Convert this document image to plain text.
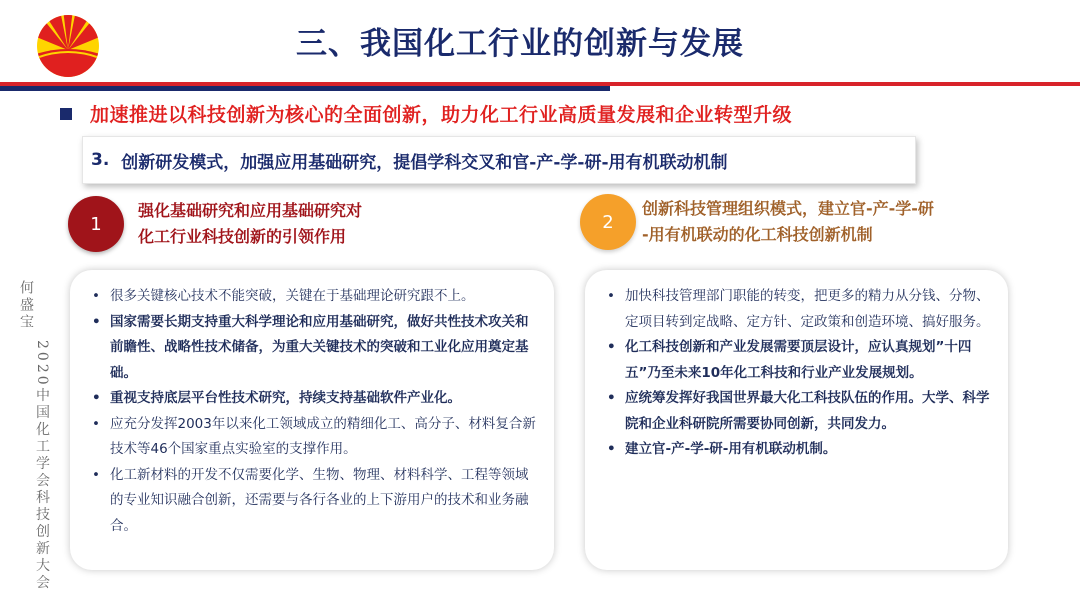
三、我国化工行业的创新与发展
加速推进以科技创新为核心的全面创新，助力化工行业高质量发展和企业转型升级
3. 创新研发模式，加强应用基础研究，提倡学科交叉和官-产-学-研-用有机联动机制
1
强化基础研究和应用基础研究对
化工行业科技创新的引领作用
2
创新科技管理组织模式，建立官-产-学-研
-用有机联动的化工科技创新机制
何盛宝
2020中国化工学会科技创新大会
• 很多关键核心技术不能突破，关键在于基础理论研究跟不上。
• 国家需要长期支持重大科学理论和应用基础研究，做好共性技术攻关和前瞻性、战略性技术储备，为重大关键技术的突破和工业化应用奠定基础。
• 重视支持底层平台性技术研究，持续支持基础软件产业化。
• 应充分发挥2003年以来化工领域成立的精细化工、高分子、材料复合新技术等46个国家重点实验室的支撑作用。
• 化工新材料的开发不仅需要化学、生物、物理、材料科学、工程等领域的专业知识融合创新，还需要与各行各业的上下游用户的技术和业务融合。
• 加快科技管理部门职能的转变，把更多的精力从分钱、分物、定项目转到定战略、定方针、定政策和创造环境、搞好服务。
• 化工科技创新和产业发展需要顶层设计，应认真规划”十四五”乃至未来10年化工科技和行业产业发展规划。
• 应统筹发挥好我国世界最大化工科技队伍的作用。大学、科学院和企业科研院所需要协同创新，共同发力。
• 建立官-产-学-研-用有机联动机制。
